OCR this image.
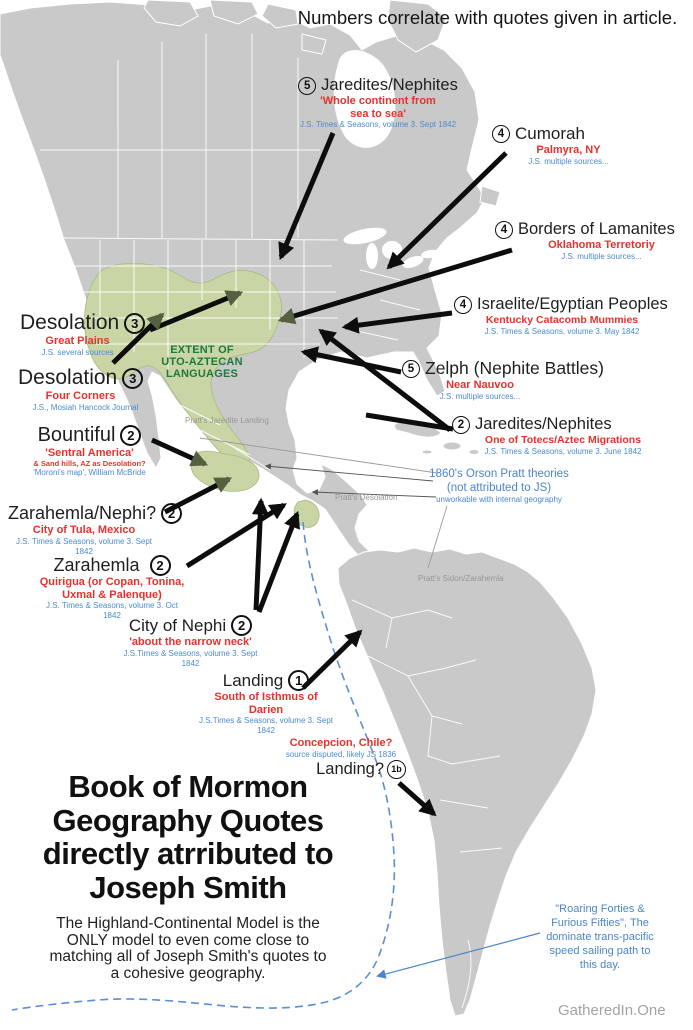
Numbers correlate with quotes given in article.
5 Jaredites/Nephites
'Whole continent from
sea to sea'
J.S. Times & Seasons, volume 3. Sept 1842
4 Cumorah
Palmyra, NY
J.S. multiple sources...
4 Borders of Lamanites
Oklahoma Terretoriy
J.S. multiple sources...
4 Israelite/Egyptian Peoples
Kentucky Catacomb Mummies
J.S. Times & Seasons, volume 3. May 1842
5 Zelph (Nephite Battles)
Near Nauvoo
J.S. multiple sources...
2 Jaredites/Nephites
One of Totecs/Aztec Migrations
J.S. Times & Seasons, volume 3. June 1842
Desolation 3
Great Plains
J.S. several sources
Desolation 3
Four Corners
J.S., Mosiah Hancock Journal
Bountiful 2
'Sentral America'
& Sand hills, AZ as Desolation?
'Moroni's map', William McBride
Zarahemla/Nephi? 2
City of Tula, Mexico
J.S. Times & Seasons, volume 3. Sept 1842
Zarahemla	2
Quirigua (or Copan, Tonina,
Uxmal & Palenque)
J.S. Times & Seasons, volume 3. Oct 1842 City of Nephi 2
'about the narrow neck'
J.S.Times & Seasons, volume 3. Sept 1842
Landing 1
South of Isthmus of Darien
J.S.Times & Seasons, volume 3. Sept 1842
Concepcion, Chile?
source disputed, likely JS 1836
Landing? 1b
EXTENT OF
UTO-AZTECAN
LANGUAGES
Pratt's Jaredite Landing
Pratt's Desolation
Pratt's Sidon/Zarahemla
1860's Orson Pratt theories
(not attributed to JS)
unworkable with internal geography
Book of Mormon
Geography Quotes
directly atrributed to
Joseph Smith
The Highland-Continental Model is the
ONLY model to even come close to
matching all of Joseph Smith's quotes to
a cohesive geography.
"Roaring Forties &
Furious Fifties", The
dominate trans-pacific
speed sailing path to
this day.
GatheredIn.One
